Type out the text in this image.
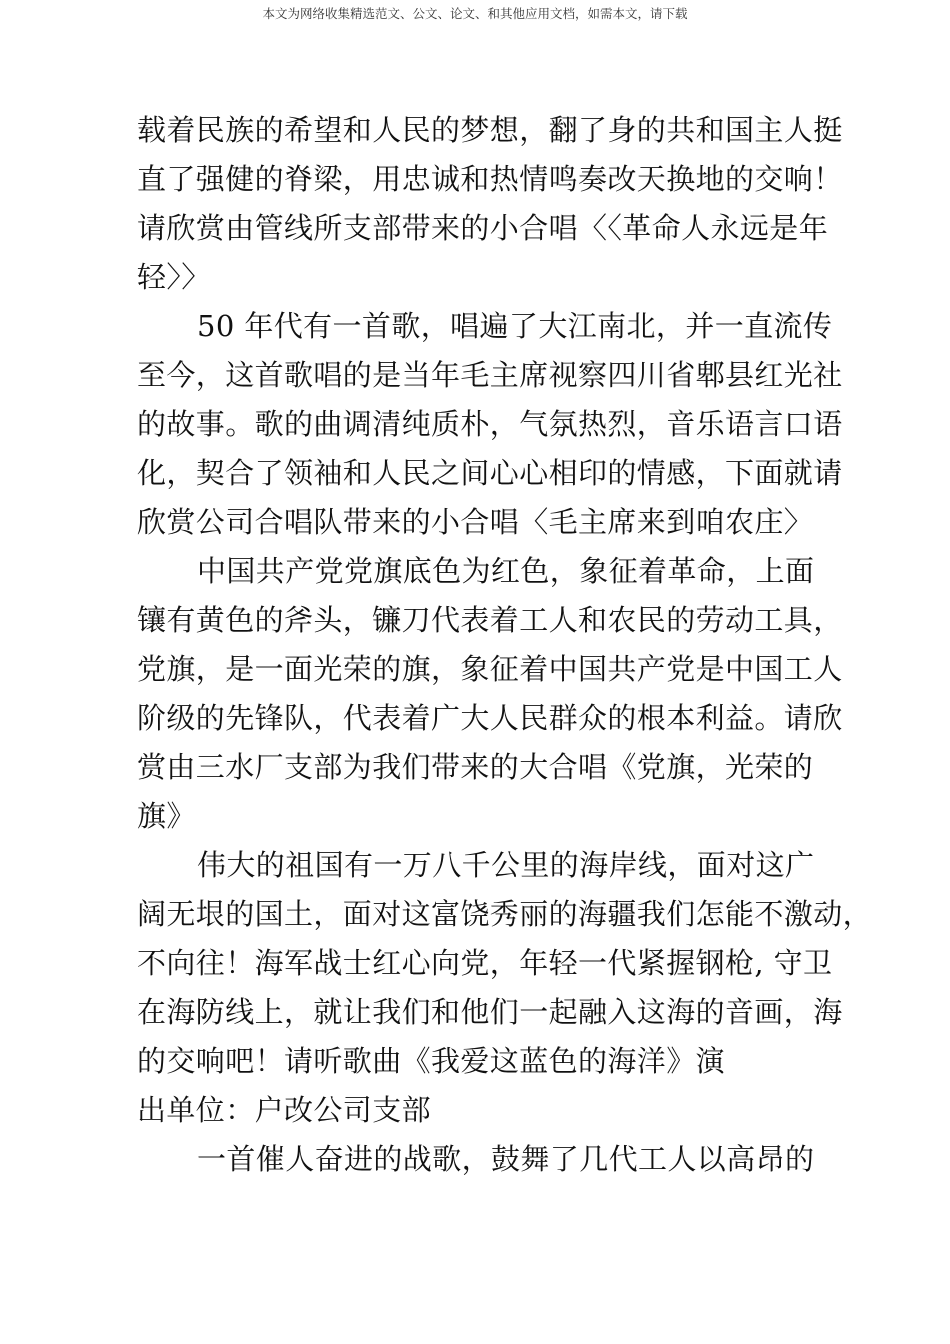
本文为网络收集精选范文、公文、论文、和其他应用文档，如需本文，请下载
载着民族的希望和人民的梦想，翻了身的共和国主人挺
直了强健的脊梁，用忠诚和热情鸣奏改天换地的交响！
请欣赏由管线所支部带来的小合唱〈〈革命人永远是年
轻〉〉
50 年代有一首歌，唱遍了大江南北，并一直流传
至今，这首歌唱的是当年毛主席视察四川省郫县红光社
的故事。歌的曲调清纯质朴，气氛热烈，音乐语言口语
化，契合了领袖和人民之间心心相印的情感，下面就请
欣赏公司合唱队带来的小合唱〈毛主席来到咱农庄〉
中国共产党党旗底色为红色，象征着革命，上面
镶有黄色的斧头，镰刀代表着工人和农民的劳动工具，
党旗，是一面光荣的旗，象征着中国共产党是中国工人
阶级的先锋队，代表着广大人民群众的根本利益。请欣
赏由三水厂支部为我们带来的大合唱《党旗，光荣的
旗》
伟大的祖国有一万八千公里的海岸线，面对这广
阔无垠的国土，面对这富饶秀丽的海疆我们怎能不激动，
不向往！海军战士红心向党，年轻一代紧握钢枪, 守卫
在海防线上，就让我们和他们一起融入这海的音画，海
的交响吧！请听歌曲《我爱这蓝色的海洋》演
出单位：户改公司支部
一首催人奋进的战歌，鼓舞了几代工人以高昂的
